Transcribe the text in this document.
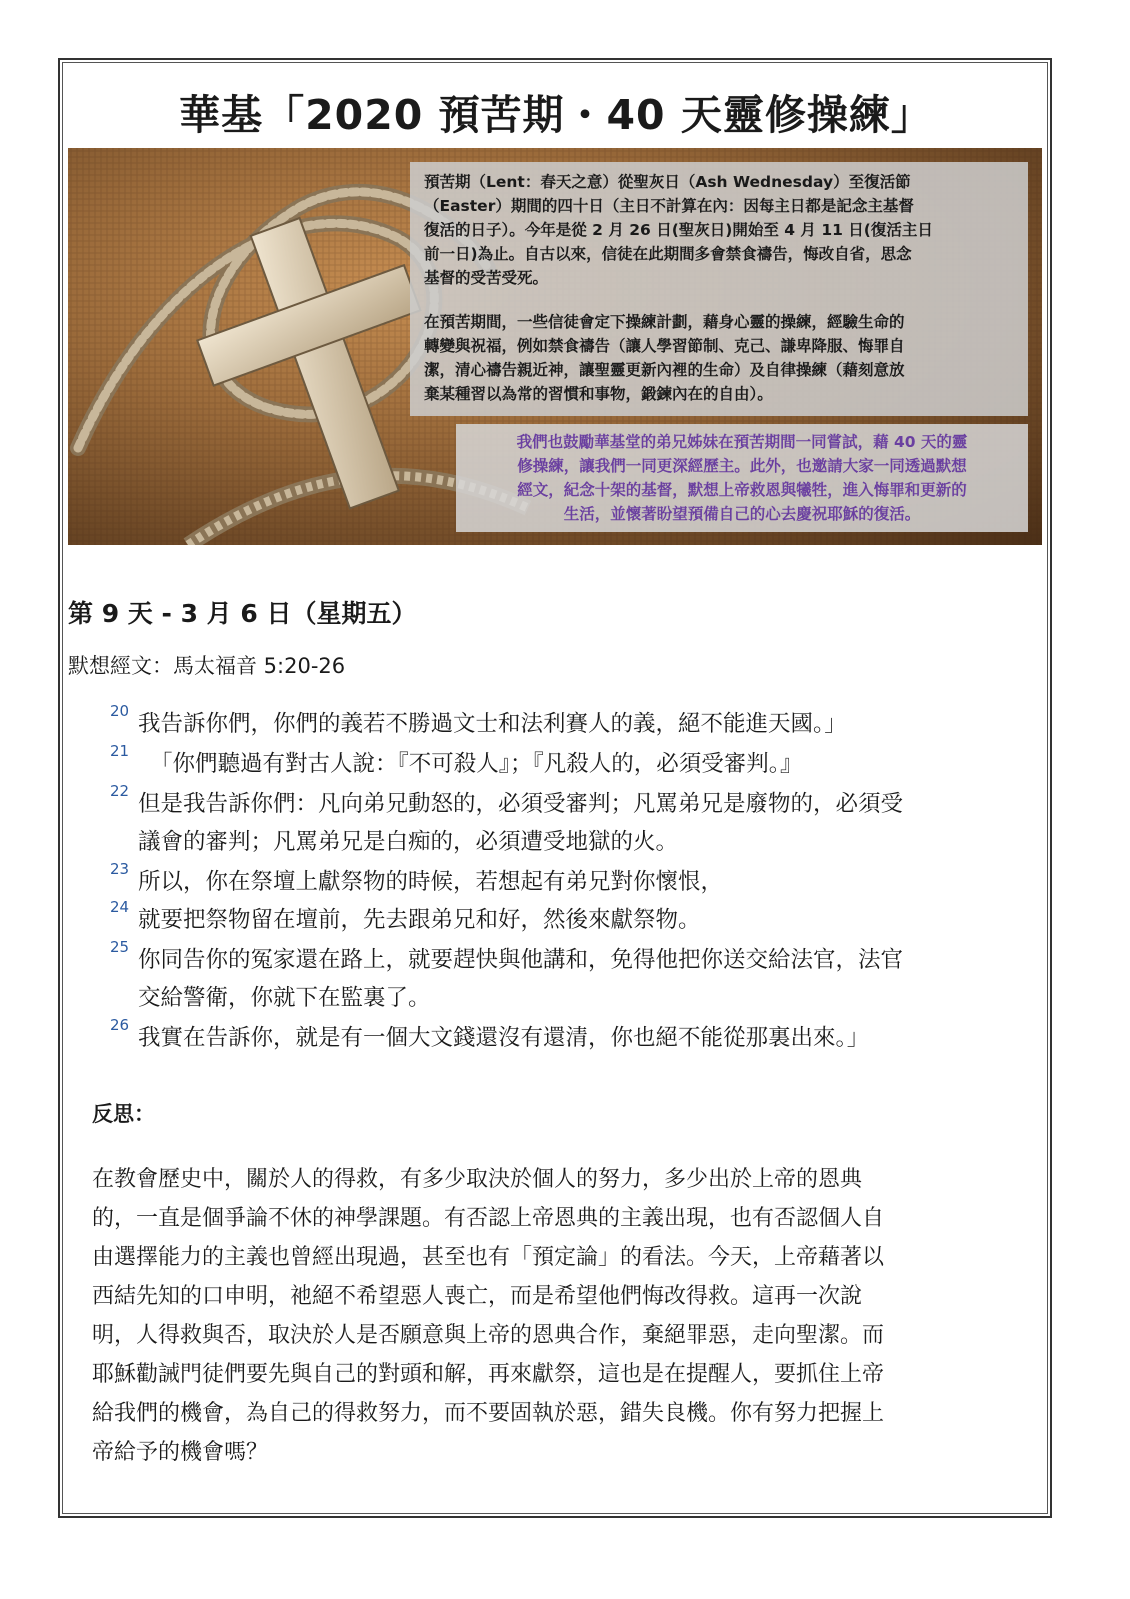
華基「2020 預苦期・40 天靈修操練」

預苦期（Lent：春天之意）從聖灰日（Ash Wednesday）至復活節
（Easter）期間的四十日（主日不計算在內：因每主日都是記念主基督
復活的日子）。今年是從 2 月 26 日(聖灰日)開始至 4 月 11 日(復活主日
前一日)為止。自古以來，信徒在此期間多會禁食禱告，悔改自省，思念
基督的受苦受死。

在預苦期間，一些信徒會定下操練計劃，藉身心靈的操練，經驗生命的
轉變與祝福，例如禁食禱告（讓人學習節制、克己、謙卑降服、悔罪自
潔，清心禱告親近神，讓聖靈更新內裡的生命）及自律操練（藉刻意放
棄某種習以為常的習慣和事物，鍛鍊內在的自由）。

我們也鼓勵華基堂的弟兄姊妹在預苦期間一同嘗試，藉 40 天的靈
修操練，讓我們一同更深經歷主。此外，也邀請大家一同透過默想
經文，紀念十架的基督，默想上帝救恩與犧牲，進入悔罪和更新的
生活，並懷著盼望預備自己的心去慶祝耶穌的復活。
第 9 天 - 3 月 6 日（星期五）
默想經文：馬太福音 5:20-26
20 我告訴你們，你們的義若不勝過文士和法利賽人的義，絕不能進天國。」
21 「你們聽過有對古人說：『不可殺人』；『凡殺人的，必須受審判。』
22 但是我告訴你們：凡向弟兄動怒的，必須受審判；凡罵弟兄是廢物的，必須受
議會的審判；凡罵弟兄是白痴的，必須遭受地獄的火。
23 所以，你在祭壇上獻祭物的時候，若想起有弟兄對你懷恨，
24 就要把祭物留在壇前，先去跟弟兄和好，然後來獻祭物。
25 你同告你的冤家還在路上，就要趕快與他講和，免得他把你送交給法官，法官
交給警衛，你就下在監裏了。
26 我實在告訴你，就是有一個大文錢還沒有還清，你也絕不能從那裏出來。」
反思：
在教會歷史中，關於人的得救，有多少取決於個人的努力，多少出於上帝的恩典
的，一直是個爭論不休的神學課題。有否認上帝恩典的主義出現，也有否認個人自
由選擇能力的主義也曾經出現過，甚至也有「預定論」的看法。今天，上帝藉著以
西結先知的口申明，祂絕不希望惡人喪亡，而是希望他們悔改得救。這再一次說
明，人得救與否，取決於人是否願意與上帝的恩典合作，棄絕罪惡，走向聖潔。而
耶穌勸誡門徒們要先與自己的對頭和解，再來獻祭，這也是在提醒人，要抓住上帝
給我們的機會，為自己的得救努力，而不要固執於惡，錯失良機。你有努力把握上
帝給予的機會嗎？
